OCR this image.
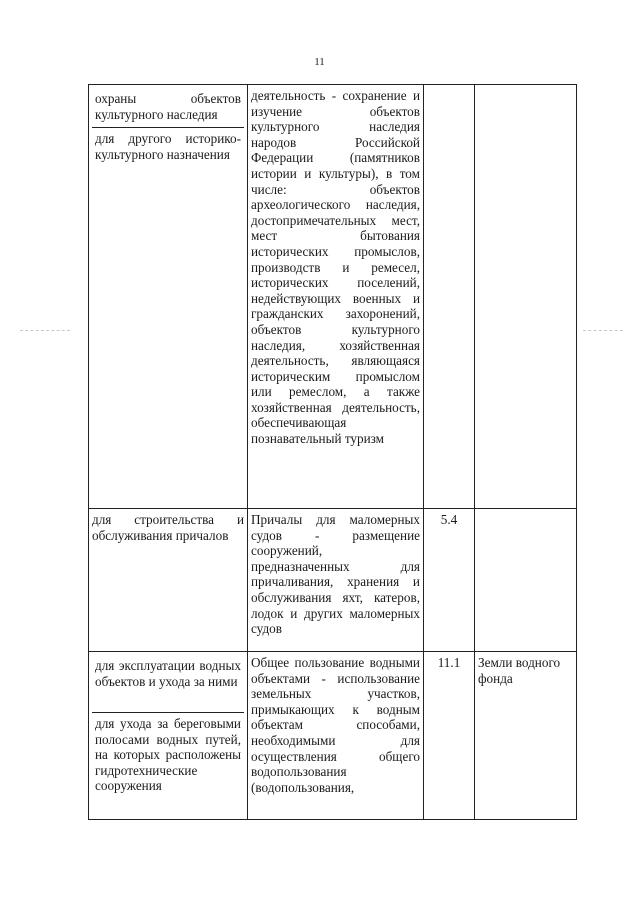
11
охраны объектов культурного наследия
для другого историко-культурного назначения	деятельность - сохранение и изучение объектов культурного наследия народов Российской Федерации (памятников истории и культуры), в том числе: объектов археологического наследия, достопримечательных мест, мест бытования исторических промыслов, производств и ремесел, исторических поселений, недействующих военных и гражданских захоронений, объектов культурного наследия, хозяйственная деятельность, являющаяся историческим промыслом или ремеслом, а также хозяйственная деятельность, обеспечивающая познавательный туризм		

для строительства и обслуживания причалов	Причалы для маломерных судов - размещение сооружений, предназначенных для причаливания, хранения и обслуживания яхт, катеров, лодок и других маломерных судов	5.4	

для эксплуатации водных объектов и ухода за ними
для ухода за береговыми полосами водных путей, на которых расположены гидротехнические сооружения	Общее пользование водными объектами - использование земельных участков, примыкающих к водным объектам способами, необходимыми для осуществления общего водопользования (водопользования,	11.1	Земли водного фонда
